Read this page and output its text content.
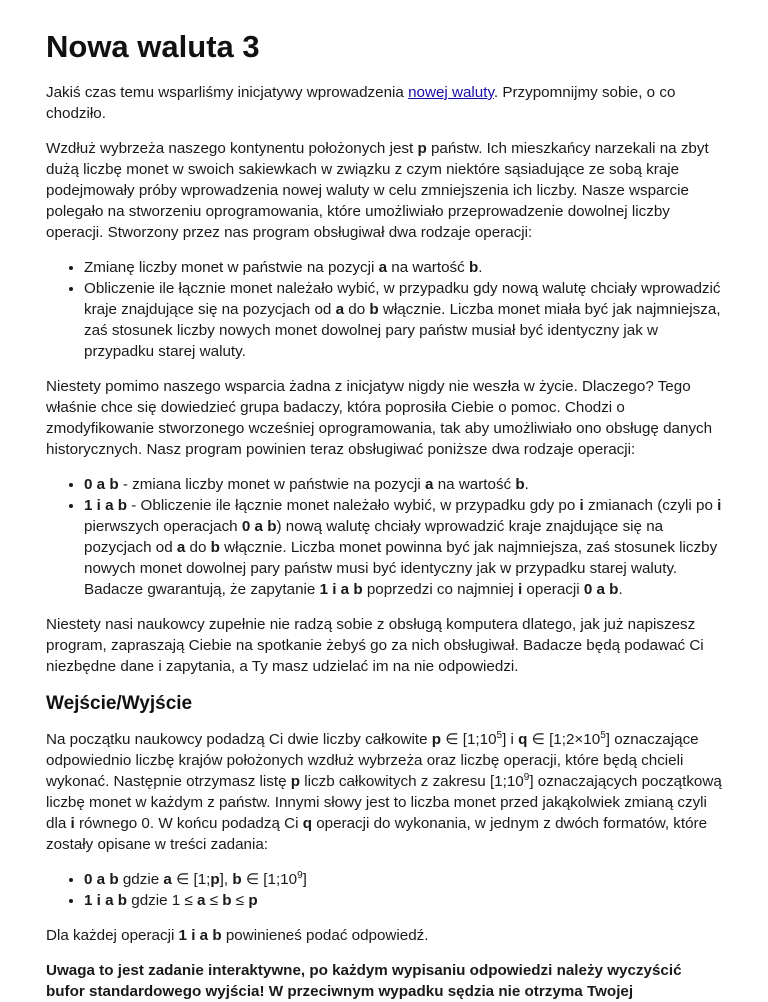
Nowa waluta 3

Jakiś czas temu wsparliśmy inicjatywy wprowadzenia nowej waluty. Przypomnijmy sobie, o co chodziło.

Wzdłuż wybrzeża naszego kontynentu położonych jest p państw. Ich mieszkańcy narzekali na zbyt dużą liczbę monet w swoich sakiewkach w związku z czym niektóre sąsiadujące ze sobą kraje podejmowały próby wprowadzenia nowej waluty w celu zmniejszenia ich liczby. Nasze wsparcie polegało na stworzeniu oprogramowania, które umożliwiało przeprowadzenie dowolnej liczby operacji. Stworzony przez nas program obsługiwał dwa rodzaje operacji:

• Zmianę liczby monet w państwie na pozycji a na wartość b.
• Obliczenie ile łącznie monet należało wybić, w przypadku gdy nową walutę chciały wprowadzić kraje znajdujące się na pozycjach od a do b włącznie. Liczba monet miała być jak najmniejsza, zaś stosunek liczby nowych monet dowolnej pary państw musiał być identyczny jak w przypadku starej waluty.

Niestety pomimo naszego wsparcia żadna z inicjatyw nigdy nie weszła w życie. Dlaczego? Tego właśnie chce się dowiedzieć grupa badaczy, która poprosiła Ciebie o pomoc. Chodzi o zmodyfikowanie stworzonego wcześniej oprogramowania, tak aby umożliwiało ono obsługę danych historycznych. Nasz program powinien teraz obsługiwać poniższe dwa rodzaje operacji:

• 0 a b - zmiana liczby monet w państwie na pozycji a na wartość b.
• 1 i a b - Obliczenie ile łącznie monet należało wybić, w przypadku gdy po i zmianach (czyli po i pierwszych operacjach 0 a b) nową walutę chciały wprowadzić kraje znajdujące się na pozycjach od a do b włącznie. Liczba monet powinna być jak najmniejsza, zaś stosunek liczby nowych monet dowolnej pary państw musi być identyczny jak w przypadku starej waluty. Badacze gwarantują, że zapytanie 1 i a b poprzedzi co najmniej i operacji 0 a b.

Niestety nasi naukowcy zupełnie nie radzą sobie z obsługą komputera dlatego, jak już napiszesz program, zapraszają Ciebie na spotkanie żebyś go za nich obsługiwał. Badacze będą podawać Ci niezbędne dane i zapytania, a Ty masz udzielać im na nie odpowiedzi.

Wejście/Wyjście

Na początku naukowcy podadzą Ci dwie liczby całkowite p ∈ $[1;10^5]$ i q ∈ $[1;2\times 10^5]$ oznaczające odpowiednio liczbę krajów położonych wzdłuż wybrzeża oraz liczbę operacji, które będą chcieli wykonać. Następnie otrzymasz listę p liczb całkowitych z zakresu $[1;10^9]$ oznaczających początkową liczbę monet w każdym z państw. Innymi słowy jest to liczba monet przed jakąkolwiek zmianą czyli dla i równego 0. W końcu podadzą Ci q operacji do wykonania, w jednym z dwóch formatów, które zostały opisane w treści zadania:

• 0 a b gdzie a ∈ [1;p], b ∈ $[1;10^9]$
• 1 i a b gdzie 1 ≤ a ≤ b ≤ p

Dla każdej operacji 1 i a b powinieneś podać odpowiedź.

Uwaga to jest zadanie interaktywne, po każdym wypisaniu odpowiedzi należy wyczyścić bufor standardowego wyjścia! W przeciwnym wypadku sędzia nie otrzyma Twojej
